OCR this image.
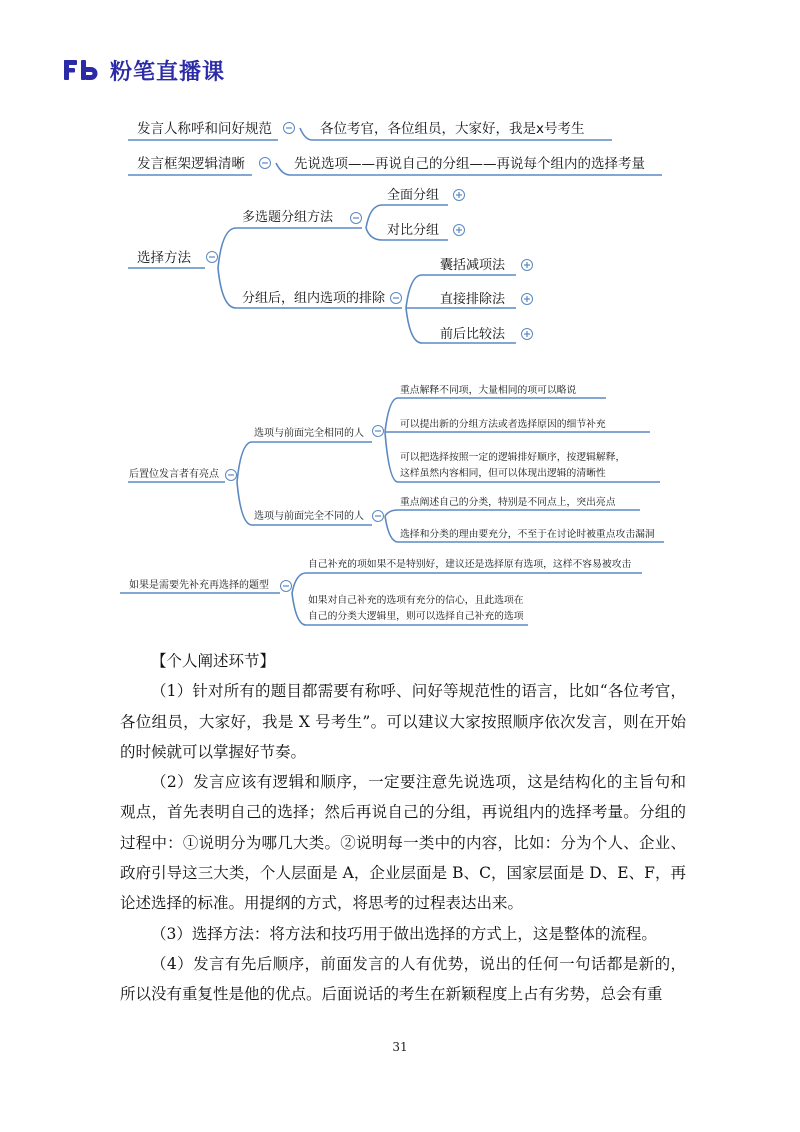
粉笔直播课
发言人称呼和问好规范	各位考官，各位组员，大家好，我是x号考生
发言框架逻辑清晰	先说选项——再说自己的分组——再说每个组内的选择考量
选择方法
多选题分组方法
全面分组
对比分组
分组后，组内选项的排除
囊括减项法
直接排除法
前后比较法
后置位发言者有亮点
选项与前面完全相同的人
选项与前面完全不同的人
重点解释不同项，大量相同的项可以略说
可以提出新的分组方法或者选择原因的细节补充
可以把选择按照一定的逻辑排好顺序，按逻辑解释，
这样虽然内容相同，但可以体现出逻辑的清晰性
重点阐述自己的分类，特别是不同点上，突出亮点
选择和分类的理由要充分，不至于在讨论时被重点攻击漏洞
如果是需要先补充再选择的题型
自己补充的项如果不是特别好，建议还是选择原有选项，这样不容易被攻击
如果对自己补充的选项有充分的信心，且此选项在
自己的分类大逻辑里，则可以选择自己补充的选项

【个人阐述环节】

（1）针对所有的题目都需要有称呼、问好等规范性的语言，比如“各位考官，各位组员，大家好，我是 X 号考生”。可以建议大家按照顺序依次发言，则在开始的时候就可以掌握好节奏。

（2）发言应该有逻辑和顺序，一定要注意先说选项，这是结构化的主旨句和观点，首先表明自己的选择；然后再说自己的分组，再说组内的选择考量。分组的过程中：①说明分为哪几大类。②说明每一类中的内容，比如：分为个人、企业、政府引导这三大类，个人层面是 A，企业层面是 B、C，国家层面是 D、E、F，再论述选择的标准。用提纲的方式，将思考的过程表达出来。

（3）选择方法：将方法和技巧用于做出选择的方式上，这是整体的流程。

（4）发言有先后顺序，前面发言的人有优势，说出的任何一句话都是新的，所以没有重复性是他的优点。后面说话的考生在新颖程度上占有劣势，总会有重

31
